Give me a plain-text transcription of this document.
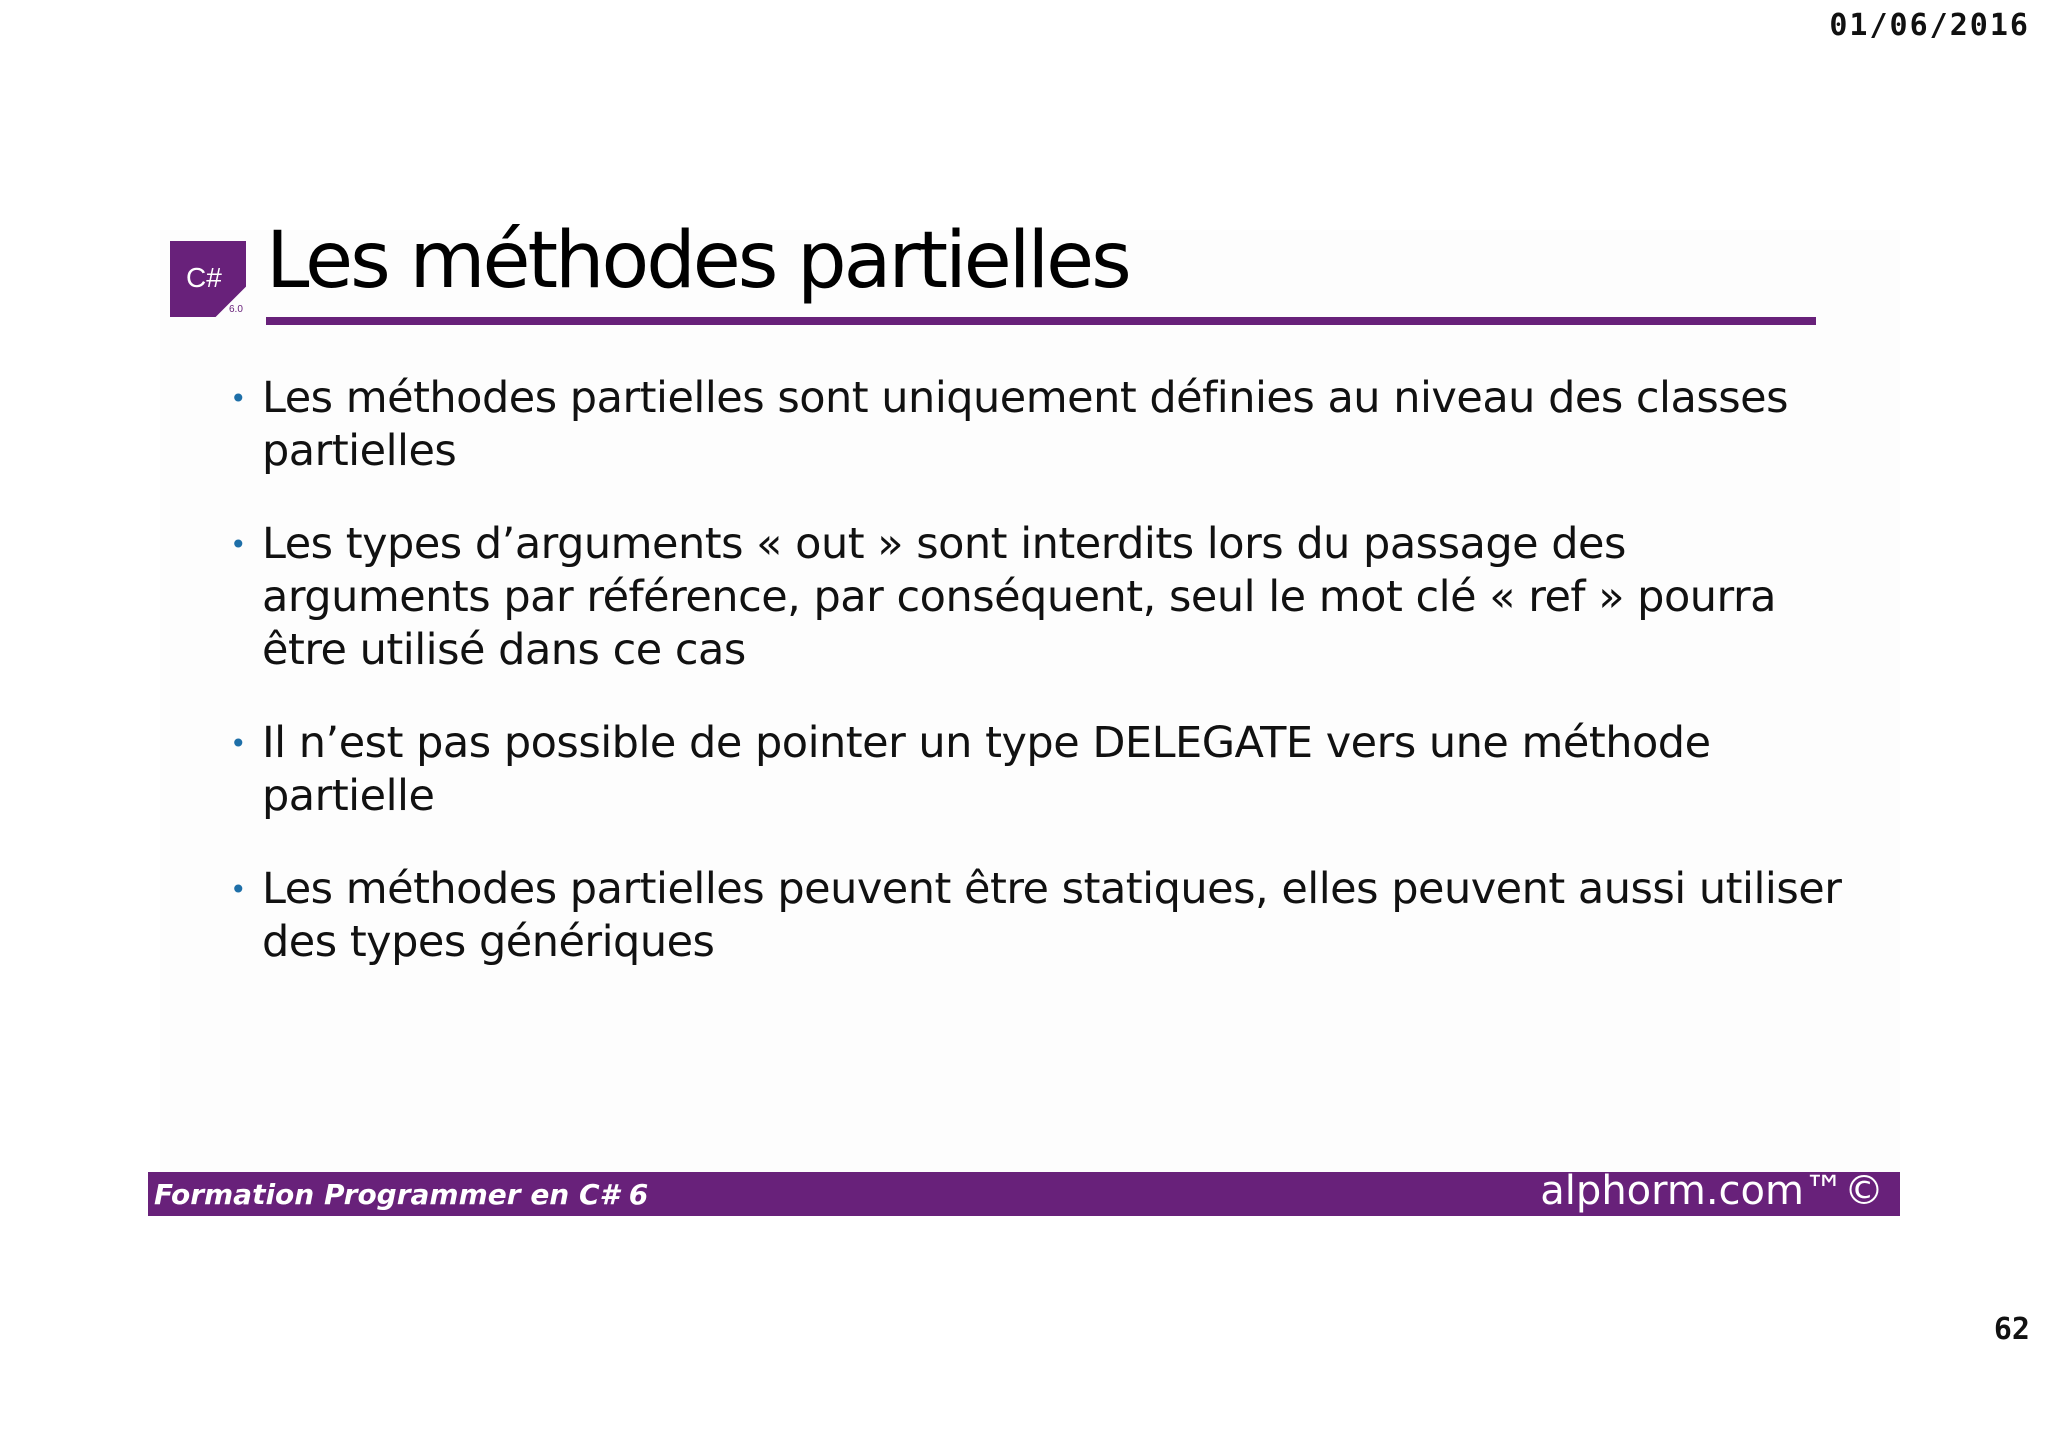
01/06/2016
C#
6.0
Les méthodes partielles
• Les méthodes partielles sont uniquement définies au niveau des classes partielles
• Les types d’arguments « out » sont interdits lors du passage des arguments par référence, par conséquent, seul le mot clé « ref » pourra être utilisé dans ce cas
• Il n’est pas possible de pointer un type DELEGATE vers une méthode partielle
• Les méthodes partielles peuvent être statiques, elles peuvent aussi utiliser des types génériques
Formation Programmer en C# 6	alphorm.com™©
62
